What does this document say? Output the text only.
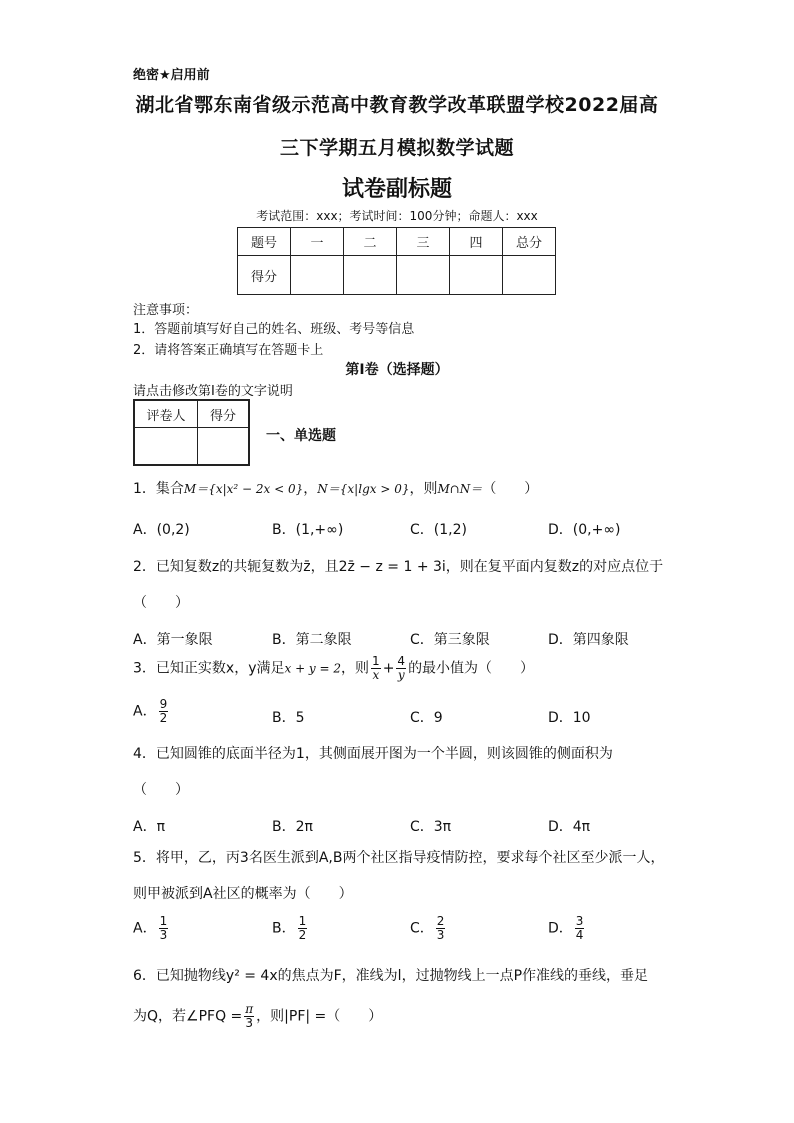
绝密★启用前
湖北省鄂东南省级示范高中教育教学改革联盟学校2022届高
三下学期五月模拟数学试题
试卷副标题
考试范围：xxx；考试时间：100分钟；命题人：xxx
题号	一	二	三	四	总分
得分					
注意事项：
1．答题前填写好自己的姓名、班级、考号等信息
2．请将答案正确填写在答题卡上
第I卷（选择题）
请点击修改第I卷的文字说明
评卷人	得分

一、单选题
1．集合M＝{x|x² − 2x < 0}，N＝{x|lgx > 0}，则M∩N＝（　　）
A．(0,2)	B．(1,+∞)	C．(1,2)	D．(0,+∞)
2．已知复数z的共轭复数为z̄，且2z̄ − z = 1 + 3i，则在复平面内复数z的对应点位于
（　　）
A．第一象限	B．第二象限	C．第三象限	D．第四象限
3．已知正实数x，y满足x + y = 2，则 $\frac{1}{x} + \frac{4}{y}$ 的最小值为（　　）
A． $\frac{9}{2}$	B．5	C．9	D．10
4．已知圆锥的底面半径为1，其侧面展开图为一个半圆，则该圆锥的侧面积为
（　　）
A．π	B．2π	C．3π	D．4π
5．将甲，乙，丙3名医生派到A,B两个社区指导疫情防控，要求每个社区至少派一人，
则甲被派到A社区的概率为（　　）
A． $\frac{1}{3}$	B． $\frac{1}{2}$	C． $\frac{2}{3}$	D． $\frac{3}{4}$
6．已知抛物线y² = 4x的焦点为F，准线为l，过抛物线上一点P作准线的垂线，垂足
为Q，若∠PFQ = $\frac{\pi}{3}$ ，则|PF| =（　　）
